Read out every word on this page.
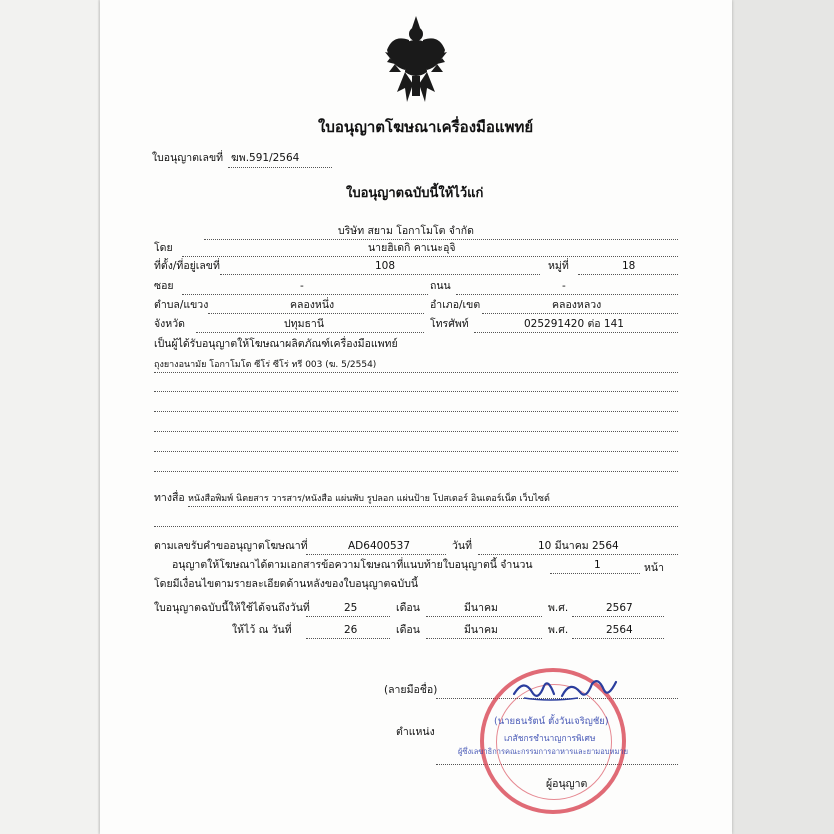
ใบอนุญาตโฆษณาเครื่องมือแพทย์
ใบอนุญาตเลขที่ ฆพ.591/2564
ใบอนุญาตฉบับนี้ให้ไว้แก่
บริษัท สยาม โอกาโมโต จำกัด
โดย	นายฮิเดกิ คาเนะอุจิ
ที่ตั้ง/ที่อยู่เลขที่	108	หมู่ที่	18
ซอย	-	ถนน	-
ตำบล/แขวง	คลองหนึ่ง	อำเภอ/เขต	คลองหลวง
จังหวัด	ปทุมธานี	โทรศัพท์	025291420 ต่อ 141
เป็นผู้ได้รับอนุญาตให้โฆษณาผลิตภัณฑ์เครื่องมือแพทย์
ถุงยางอนามัย โอกาโมโต ซีโร่ ซีโร่ ทรี 003 (ฆ. 5/2554)
ทางสื่อ หนังสือพิมพ์ นิตยสาร วารสาร/หนังสือ แผ่นพับ รูปลอก แผ่นป้าย โปสเตอร์ อินเตอร์เน็ต เว็บไซต์
ตามเลขรับคำขออนุญาตโฆษณาที่	AD6400537	วันที่	10 มีนาคม 2564
อนุญาตให้โฆษณาได้ตามเอกสารข้อความโฆษณาที่แนบท้ายใบอนุญาตนี้ จำนวน	1	หน้า
โดยมีเงื่อนไขตามรายละเอียดด้านหลังของใบอนุญาตฉบับนี้
ใบอนุญาตฉบับนี้ให้ใช้ได้จนถึงวันที่	25	เดือน	มีนาคม	พ.ศ.	2567
ให้ไว้ ณ วันที่	26	เดือน	มีนาคม	พ.ศ.	2564
(ลายมือชื่อ)
ตำแหน่ง
(นายธนรัตน์ ตั้งวันเจริญชัย)
เภสัชกรชำนาญการพิเศษ
ผู้ซึ่งเลขาธิการคณะกรรมการอาหารและยามอบหมาย
ผู้อนุญาต
